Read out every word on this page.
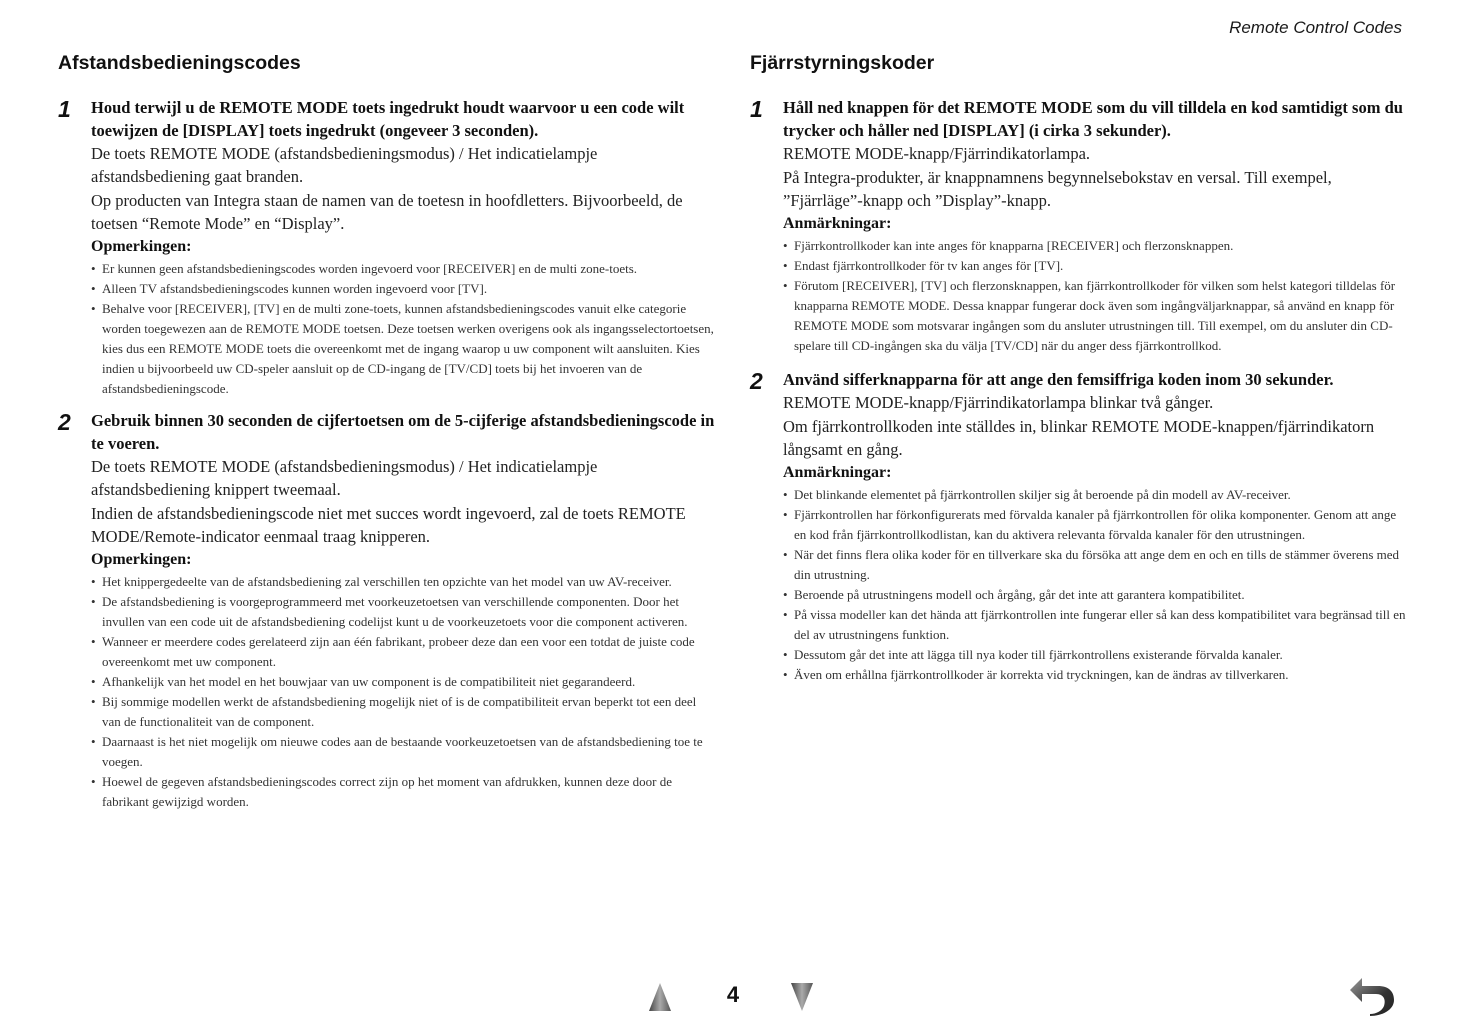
Remote Control Codes
Afstandsbedieningscodes
1 Houd terwijl u de REMOTE MODE toets ingedrukt houdt waarvoor u een code wilt toewijzen de [DISPLAY] toets ingedrukt (ongeveer 3 seconden).

De toets REMOTE MODE (afstandsbedieningsmodus) / Het indicatielampje afstandsbediening gaat branden.

Op producten van Integra staan de namen van de toetesn in hoofdletters. Bijvoorbeeld, de toetsen “Remote Mode” en “Display”.

Opmerkingen:
• Er kunnen geen afstandsbedieningscodes worden ingevoerd voor [RECEIVER] en de multi zone-toets.
• Alleen TV afstandsbedieningscodes kunnen worden ingevoerd voor [TV].
• Behalve voor [RECEIVER], [TV] en de multi zone-toets, kunnen afstandsbedieningscodes vanuit elke categorie worden toegewezen aan de REMOTE MODE toetsen. Deze toetsen werken overigens ook als ingangsselectortoetsen, kies dus een REMOTE MODE toets die overeenkomt met de ingang waarop u uw component wilt aansluiten. Kies indien u bijvoorbeeld uw CD-speler aansluit op de CD-ingang de [TV/CD] toets bij het invoeren van de afstandsbedieningscode.
2 Gebruik binnen 30 seconden de cijfertoetsen om de 5-cijferige afstandsbedieningscode in te voeren.

De toets REMOTE MODE (afstandsbedieningsmodus) / Het indicatielampje afstandsbediening knippert tweemaal.

Indien de afstandsbedieningscode niet met succes wordt ingevoerd, zal de toets REMOTE MODE/Remote-indicator eenmaal traag knipperen.

Opmerkingen:
• Het knippergedeelte van de afstandsbediening zal verschillen ten opzichte van het model van uw AV-receiver.
• De afstandsbediening is voorgeprogrammeerd met voorkeuzetoetsen van verschillende componenten. Door het invullen van een code uit de afstandsbediening codelijst kunt u de voorkeuzetoets voor die component activeren.
• Wanneer er meerdere codes gerelateerd zijn aan één fabrikant, probeer deze dan een voor een totdat de juiste code overeenkomt met uw component.
• Afhankelijk van het model en het bouwjaar van uw component is de compatibiliteit niet gegarandeerd.
• Bij sommige modellen werkt de afstandsbediening mogelijk niet of is de compatibiliteit ervan beperkt tot een deel van de functionaliteit van de component.
• Daarnaast is het niet mogelijk om nieuwe codes aan de bestaande voorkeuzetoetsen van de afstandsbediening toe te voegen.
• Hoewel de gegeven afstandsbedieningscodes correct zijn op het moment van afdrukken, kunnen deze door de fabrikant gewijzigd worden.
Fjärrstyrningskoder
1 Håll ned knappen för det REMOTE MODE som du vill tilldela en kod samtidigt som du trycker och håller ned [DISPLAY] (i cirka 3 sekunder).

REMOTE MODE-knapp/Fjärrindikatorlampa.

På Integra-produkter, är knappnamnens begynnelsebokstav en versal. Till exempel, ”Fjärrläge”-knapp och ”Display”-knapp.

Anmärkningar:
• Fjärrkontrollkoder kan inte anges för knapparna [RECEIVER] och flerzonsknappen.
• Endast fjärrkontrollkoder för tv kan anges för [TV].
• Förutom [RECEIVER], [TV] och flerzonsknappen, kan fjärrkontrollkoder för vilken som helst kategori tilldelas för knapparna REMOTE MODE. Dessa knappar fungerar dock även som ingångväljarknappar, så använd en knapp för REMOTE MODE som motsvarar ingången som du ansluter utrustningen till. Till exempel, om du ansluter din CD-spelare till CD-ingången ska du välja [TV/CD] när du anger dess fjärrkontrollkod.
2 Använd sifferknapparna för att ange den femsiffriga koden inom 30 sekunder.

REMOTE MODE-knapp/Fjärrindikatorlampa blinkar två gånger.

Om fjärrkontrollkoden inte ställdes in, blinkar REMOTE MODE-knappen/fjärrindikatorn långsamt en gång.

Anmärkningar:
• Det blinkande elementet på fjärrkontrollen skiljer sig åt beroende på din modell av AV-receiver.
• Fjärrkontrollen har förkonfigurerats med förvalda kanaler på fjärrkontrollen för olika komponenter. Genom att ange en kod från fjärrkontrollkodlistan, kan du aktivera relevanta förvalda kanaler för den utrustningen.
• När det finns flera olika koder för en tillverkare ska du försöka att ange dem en och en tills de stämmer överens med din utrustning.
• Beroende på utrustningens modell och årgång, går det inte att garantera kompatibilitet.
• På vissa modeller kan det hända att fjärrkontrollen inte fungerar eller så kan dess kompatibilitet vara begränsad till en del av utrustningens funktion.
• Dessutom går det inte att lägga till nya koder till fjärrkontrollens existerande förvalda kanaler.
• Även om erhållna fjärrkontrollkoder är korrekta vid tryckningen, kan de ändras av tillverkaren.
4
